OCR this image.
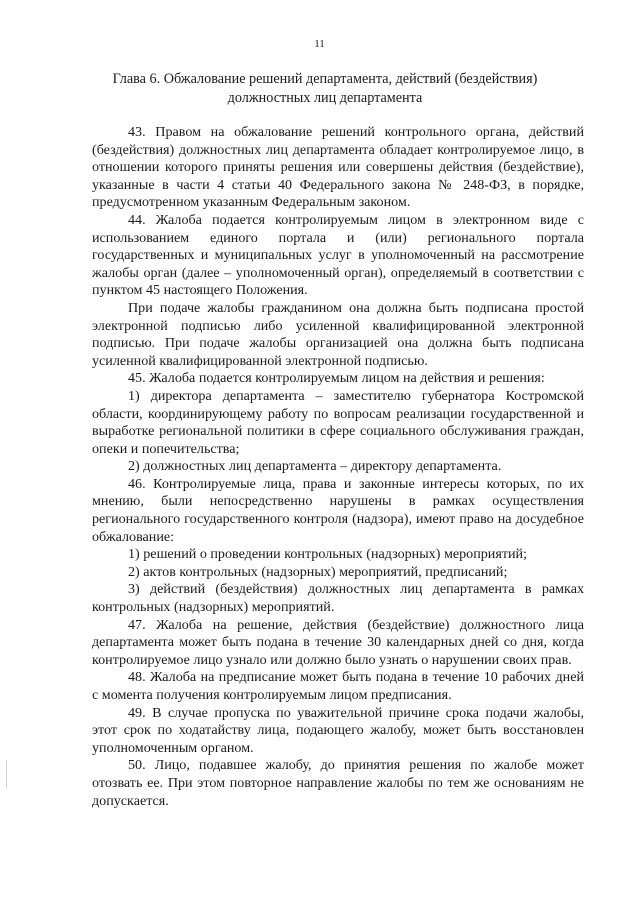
11
Глава 6. Обжалование решений департамента, действий (бездействия)
должностных лиц департамента

43. Правом на обжалование решений контрольного органа, действий (бездействия) должностных лиц департамента обладает контролируемое лицо, в отношении которого приняты решения или совершены действия (бездействие), указанные в части 4 статьи 40 Федерального закона № 248-ФЗ, в порядке, предусмотренном указанным Федеральным законом.

44. Жалоба подается контролируемым лицом в электронном виде с использованием единого портала и (или) регионального портала государственных и муниципальных услуг в уполномоченный на рассмотрение жалобы орган (далее – уполномоченный орган), определяемый в соответствии с пунктом 45 настоящего Положения.

При подаче жалобы гражданином она должна быть подписана простой электронной подписью либо усиленной квалифицированной электронной подписью. При подаче жалобы организацией она должна быть подписана усиленной квалифицированной электронной подписью.

45. Жалоба подается контролируемым лицом на действия и решения:

1) директора департамента – заместителю губернатора Костромской области, координирующему работу по вопросам реализации государственной и выработке региональной политики в сфере социального обслуживания граждан, опеки и попечительства;

2) должностных лиц департамента – директору департамента.

46. Контролируемые лица, права и законные интересы которых, по их мнению, были непосредственно нарушены в рамках осуществления регионального государственного контроля (надзора), имеют право на досудебное обжалование:

1) решений о проведении контрольных (надзорных) мероприятий;

2) актов контрольных (надзорных) мероприятий, предписаний;

3) действий (бездействия) должностных лиц департамента в рамках контрольных (надзорных) мероприятий.

47. Жалоба на решение, действия (бездействие) должностного лица департамента может быть подана в течение 30 календарных дней со дня, когда контролируемое лицо узнало или должно было узнать о нарушении своих прав.

48. Жалоба на предписание может быть подана в течение 10 рабочих дней с момента получения контролируемым лицом предписания.

49. В случае пропуска по уважительной причине срока подачи жалобы, этот срок по ходатайству лица, подающего жалобу, может быть восстановлен уполномоченным органом.

50. Лицо, подавшее жалобу, до принятия решения по жалобе может отозвать ее. При этом повторное направление жалобы по тем же основаниям не допускается.
